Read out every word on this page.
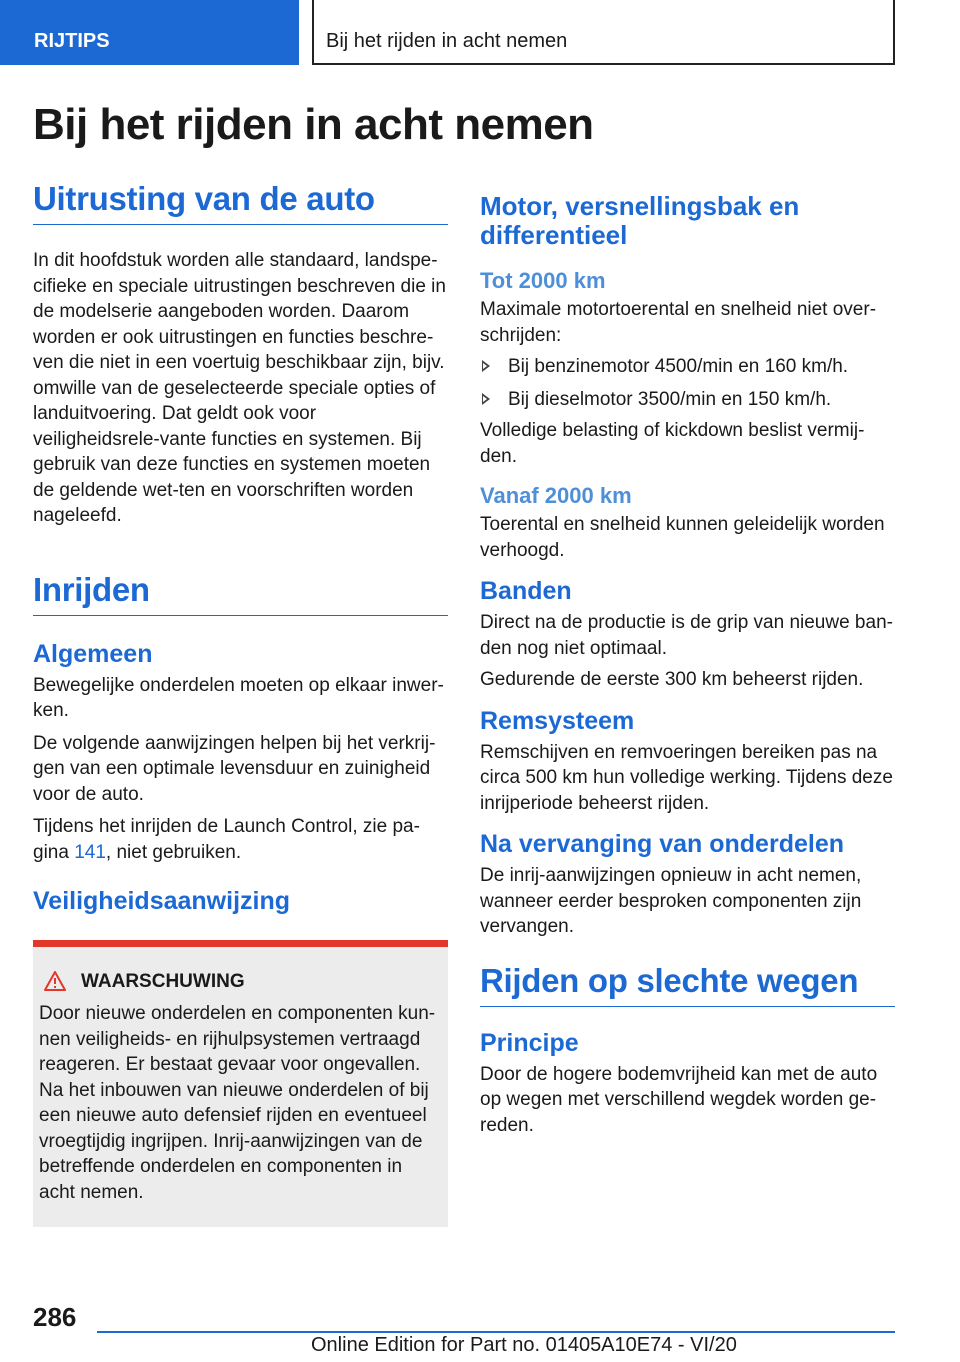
RIJTIPS	Bij het rijden in acht nemen
Bij het rijden in acht nemen
Uitrusting van de auto

In dit hoofdstuk worden alle standaard, landspe-cifieke en speciale uitrustingen beschreven die in de modelserie aangeboden worden. Daarom worden er ook uitrustingen en functies beschre-ven die niet in een voertuig beschikbaar zijn, bijv. omwille van de geselecteerde speciale opties of landuitvoering. Dat geldt ook voor veiligheidsrele-vante functies en systemen. Bij gebruik van deze functies en systemen moeten de geldende wet-ten en voorschriften worden nageleefd.

Inrijden
Algemeen

Bewegelijke onderdelen moeten op elkaar inwer-ken.

De volgende aanwijzingen helpen bij het verkrij-gen van een optimale levensduur en zuinigheid voor de auto.

Tijdens het inrijden de Launch Control, zie pa-gina 141, niet gebruiken.

Veiligheidsaanwijzing
WAARSCHUWING

Door nieuwe onderdelen en componenten kun-nen veiligheids- en rijhulpsystemen vertraagd reageren. Er bestaat gevaar voor ongevallen.

Na het inbouwen van nieuwe onderdelen of bij een nieuwe auto defensief rijden en eventueel vroegtijdig ingrijpen. Inrij-aanwijzingen van de betreffende onderdelen en componenten in acht nemen.

Motor, versnellingsbak en differentieel
Tot 2000 km

Maximale motortoerental en snelheid niet over-schrijden:

Bij benzinemotor 4500/min en 160 km/h.
Bij dieselmotor 3500/min en 150 km/h.

Volledige belasting of kickdown beslist vermij-den.

Vanaf 2000 km

Toerental en snelheid kunnen geleidelijk worden verhoogd.

Banden

Direct na de productie is de grip van nieuwe ban-den nog niet optimaal.

Gedurende de eerste 300 km beheerst rijden.

Remsysteem

Remschijven en remvoeringen bereiken pas na circa 500 km hun volledige werking. Tijdens deze inrijperiode beheerst rijden.

Na vervanging van onderdelen

De inrij-aanwijzingen opnieuw in acht nemen, wanneer eerder besproken componenten zijn vervangen.

Rijden op slechte wegen
Principe

Door de hogere bodemvrijheid kan met de auto op wegen met verschillend wegdek worden ge-reden.

286
Online Edition for Part no. 01405A10E74 - VI/20
